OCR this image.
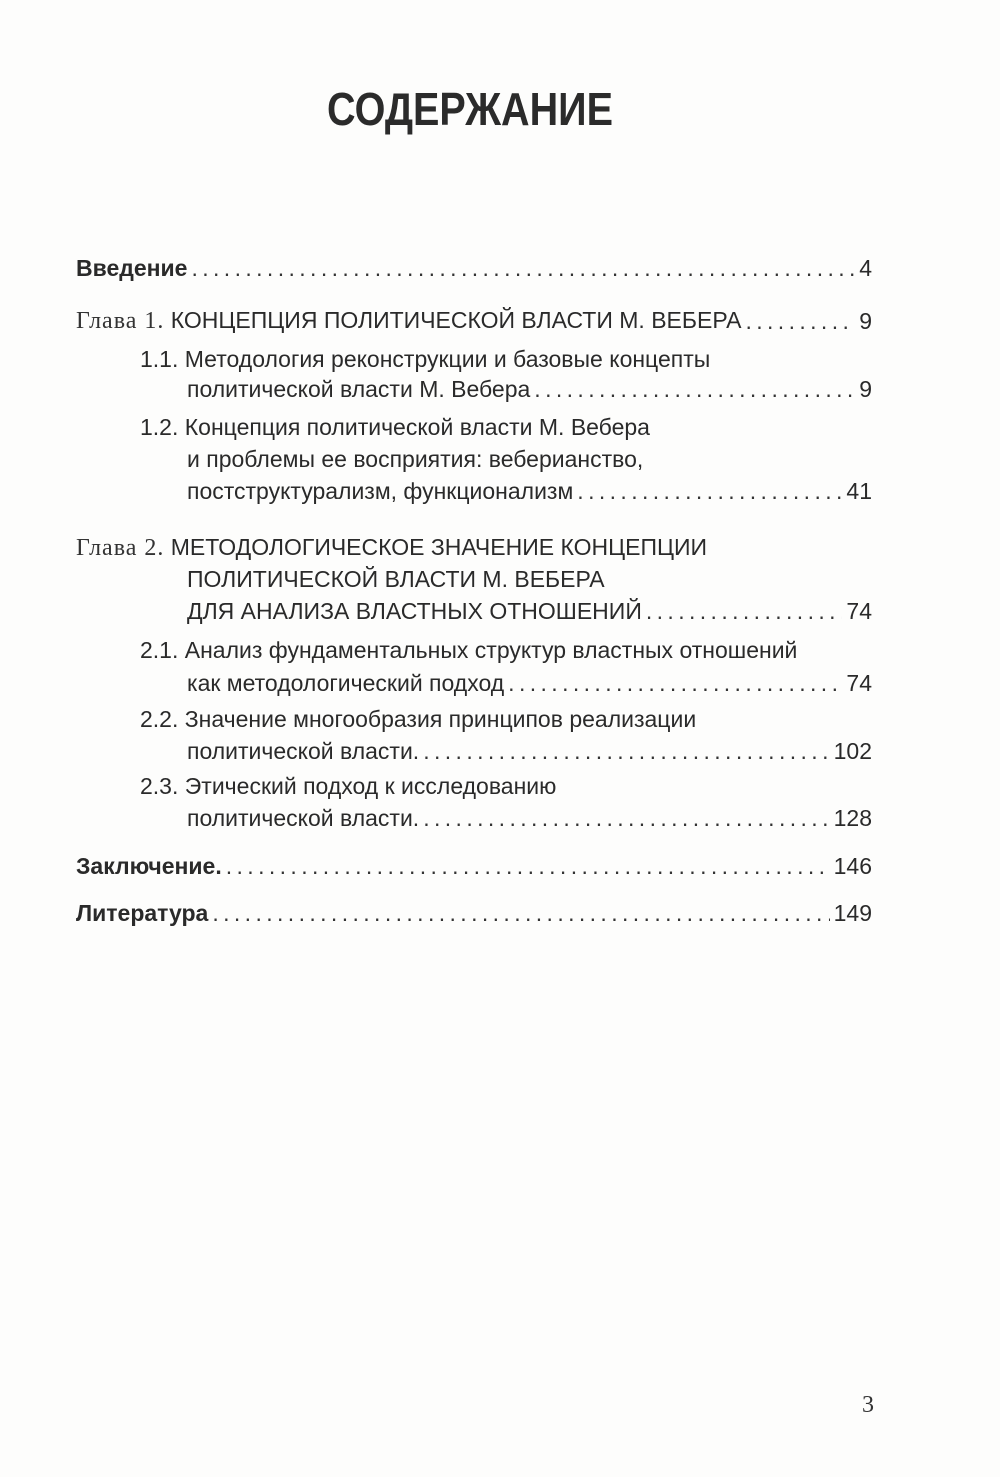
СОДЕРЖАНИЕ
Введение . . .	4
Глава 1. КОНЦЕПЦИЯ ПОЛИТИЧЕСКОЙ ВЛАСТИ М. ВЕБЕРА . . .	9
1.1. Методология реконструкции и базовые концепты
политической власти М. Вебера . . .	9
1.2. Концепция политической власти М. Вебера
и проблемы ее восприятия: веберианство,
постструктурализм, функционализм . . .	41
Глава 2. МЕТОДОЛОГИЧЕСКОЕ ЗНАЧЕНИЕ КОНЦЕПЦИИ
ПОЛИТИЧЕСКОЙ ВЛАСТИ М. ВЕБЕРА
ДЛЯ АНАЛИЗА ВЛАСТНЫХ ОТНОШЕНИЙ . . .	74
2.1. Анализ фундаментальных структур властных отношений
как методологический подход . . .	74
2.2. Значение многообразия принципов реализации
политической власти. . . .	102
2.3. Этический подход к исследованию
политической власти. . . .	128
Заключение. . . .	146
Литература . . .	149
3
